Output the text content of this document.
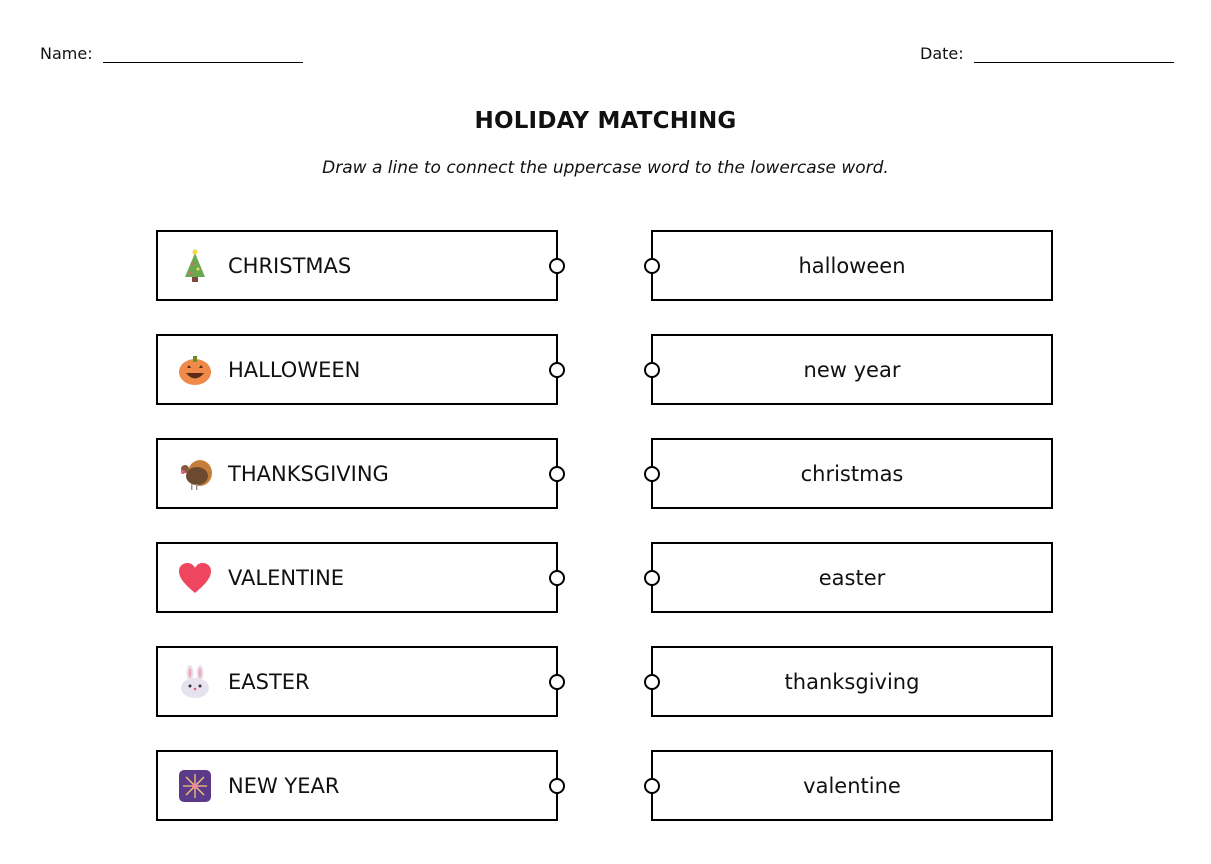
Name:	Date:
HOLIDAY MATCHING
Draw a line to connect the uppercase word to the lowercase word.
CHRISTMAS
HALLOWEEN
THANKSGIVING
VALENTINE
EASTER
NEW YEAR
halloween
new year
christmas
easter
thanksgiving
valentine
